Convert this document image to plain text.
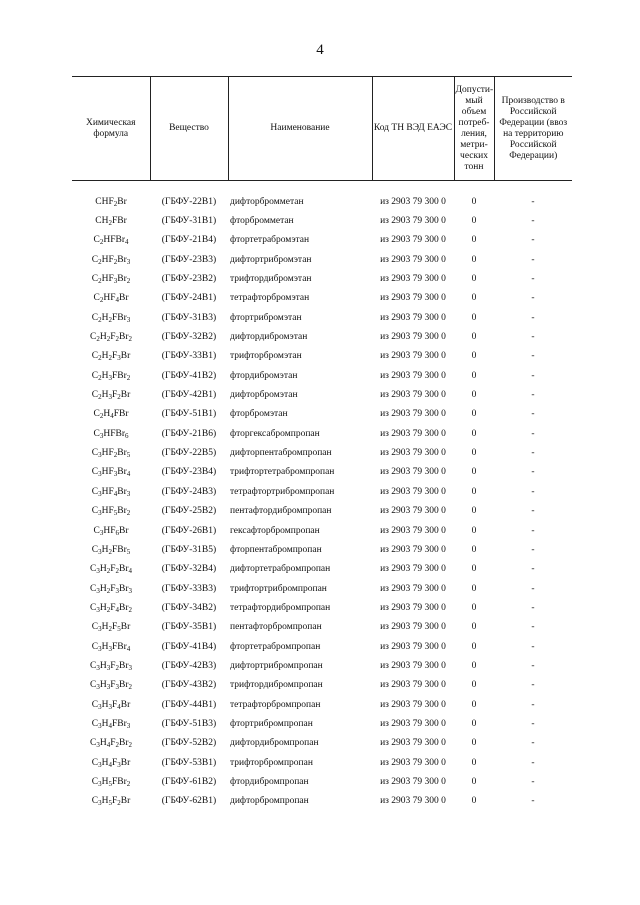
4
Химическая формула	Вещество	Наименование	Код ТН ВЭД ЕАЭС	Допусти- мый объем потреб- ления, метри- ческих тонн	Производство в Российской Федерации (ввоз на территорию Российской Федерации)

$CHF_2Br$	(ГБФУ-22B1)	дифторбромметан	из 2903 79 300 0	0	-
$CH_2FBr$	(ГБФУ-31B1)	фторбромметан	из 2903 79 300 0	0	-
$C_2HFBr_4$	(ГБФУ-21B4)	фтортетрабромэтан	из 2903 79 300 0	0	-
$C_2HF_2Br_3$	(ГБФУ-23B3)	дифтортрибромэтан	из 2903 79 300 0	0	-
$C_2HF_3Br_2$	(ГБФУ-23B2)	трифтордибромэтан	из 2903 79 300 0	0	-
$C_2HF_4Br$	(ГБФУ-24B1)	тетрафторбромэтан	из 2903 79 300 0	0	-
$C_2H_2FBr_3$	(ГБФУ-31B3)	фтортрибромэтан	из 2903 79 300 0	0	-
$C_2H_2F_2Br_2$	(ГБФУ-32B2)	дифтордибромэтан	из 2903 79 300 0	0	-
$C_2H_2F_3Br$	(ГБФУ-33B1)	трифторбромэтан	из 2903 79 300 0	0	-
$C_2H_3FBr_2$	(ГБФУ-41B2)	фтордибромэтан	из 2903 79 300 0	0	-
$C_2H_3F_2Br$	(ГБФУ-42B1)	дифторбромэтан	из 2903 79 300 0	0	-
$C_2H_4FBr$	(ГБФУ-51B1)	фторбромэтан	из 2903 79 300 0	0	-
$C_3HFBr_6$	(ГБФУ-21B6)	фторгексабромпропан	из 2903 79 300 0	0	-
$C_3HF_2Br_5$	(ГБФУ-22B5)	дифторпентабромпропан	из 2903 79 300 0	0	-
$C_3HF_3Br_4$	(ГБФУ-23B4)	трифтортетрабромпропан	из 2903 79 300 0	0	-
$C_3HF_4Br_3$	(ГБФУ-24B3)	тетрафтортрибромпропан	из 2903 79 300 0	0	-
$C_3HF_5Br_2$	(ГБФУ-25B2)	пентафтордибромпропан	из 2903 79 300 0	0	-
$C_3HF_6Br$	(ГБФУ-26B1)	гексафторбромпропан	из 2903 79 300 0	0	-
$C_3H_2FBr_5$	(ГБФУ-31B5)	фторпентабромпропан	из 2903 79 300 0	0	-
$C_3H_2F_2Br_4$	(ГБФУ-32B4)	дифтортетрабромпропан	из 2903 79 300 0	0	-
$C_3H_2F_3Br_3$	(ГБФУ-33B3)	трифтортрибромпропан	из 2903 79 300 0	0	-
$C_3H_2F_4Br_2$	(ГБФУ-34B2)	тетрафтордибромпропан	из 2903 79 300 0	0	-
$C_3H_2F_5Br$	(ГБФУ-35B1)	пентафторбромпропан	из 2903 79 300 0	0	-
$C_3H_3FBr_4$	(ГБФУ-41B4)	фтортетрабромпропан	из 2903 79 300 0	0	-
$C_3H_3F_2Br_3$	(ГБФУ-42B3)	дифтортрибромпропан	из 2903 79 300 0	0	-
$C_3H_3F_3Br_2$	(ГБФУ-43B2)	трифтордибромпропан	из 2903 79 300 0	0	-
$C_3H_3F_4Br$	(ГБФУ-44B1)	тетрафторбромпропан	из 2903 79 300 0	0	-
$C_3H_4FBr_3$	(ГБФУ-51B3)	фтортрибромпропан	из 2903 79 300 0	0	-
$C_3H_4F_2Br_2$	(ГБФУ-52B2)	дифтордибромпропан	из 2903 79 300 0	0	-
$C_3H_4F_3Br$	(ГБФУ-53B1)	трифторбромпропан	из 2903 79 300 0	0	-
$C_3H_5FBr_2$	(ГБФУ-61B2)	фтордибромпропан	из 2903 79 300 0	0	-
$C_3H_5F_2Br$	(ГБФУ-62B1)	дифторбромпропан	из 2903 79 300 0	0	-
